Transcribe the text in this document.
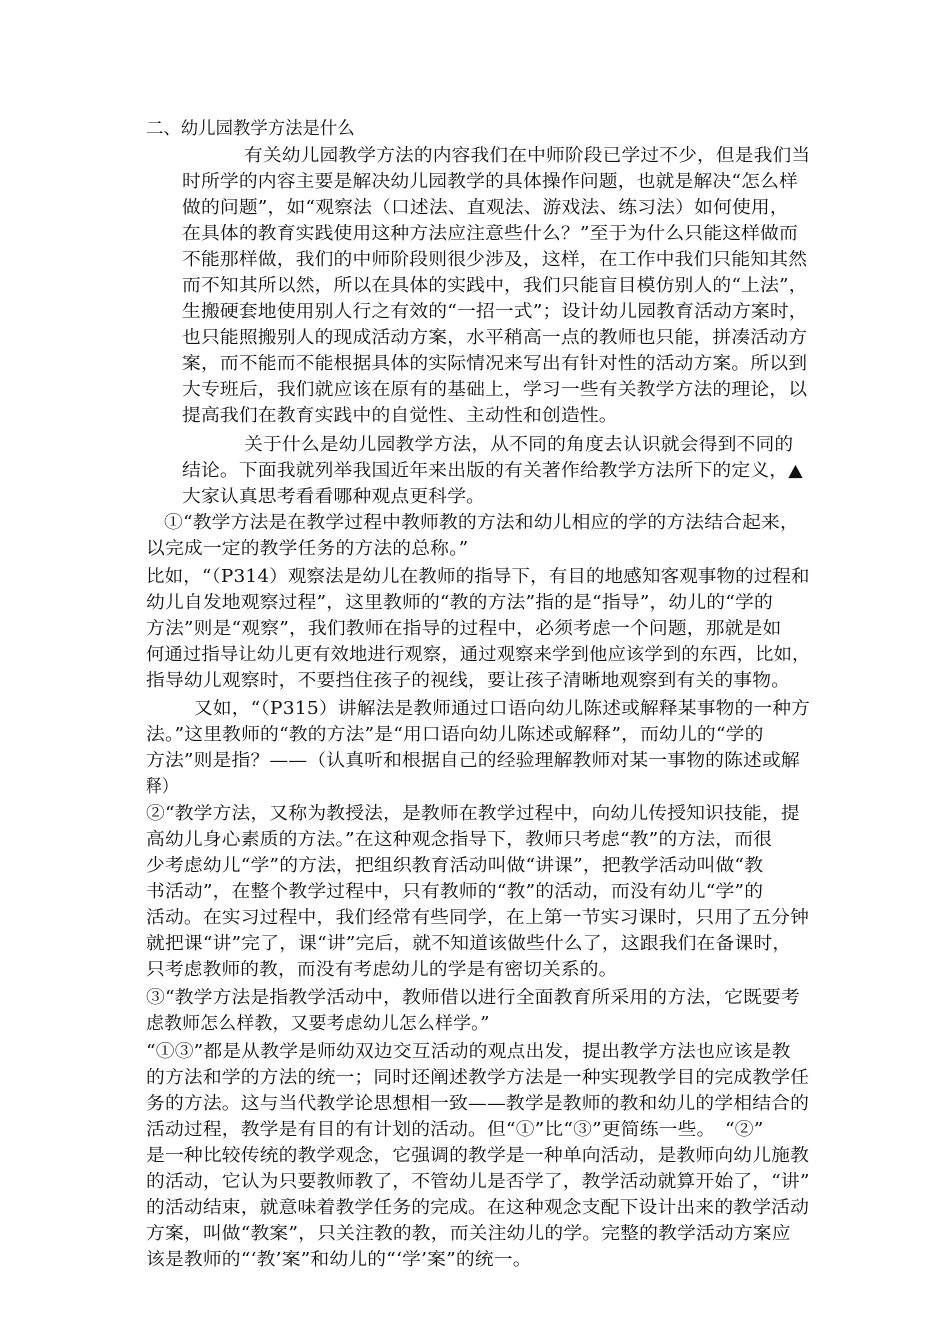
二、幼儿园教学方法是什么
有关幼儿园教学方法的内容我们在中师阶段已学过不少，但是我们当
时所学的内容主要是解决幼儿园教学的具体操作问题，也就是解决“怎么样
做的问题”，如“观察法（口述法、直观法、游戏法、练习法）如何使用，
在具体的教育实践使用这种方法应注意些什么？”至于为什么只能这样做而
不能那样做，我们的中师阶段则很少涉及，这样，在工作中我们只能知其然
而不知其所以然，所以在具体的实践中，我们只能盲目模仿别人的“上法”，
生搬硬套地使用别人行之有效的“一招一式”；设计幼儿园教育活动方案时，
也只能照搬别人的现成活动方案，水平稍高一点的教师也只能，拼凑活动方
案，而不能而不能根据具体的实际情况来写出有针对性的活动方案。所以到
大专班后，我们就应该在原有的基础上，学习一些有关教学方法的理论，以
提高我们在教育实践中的自觉性、主动性和创造性。
关于什么是幼儿园教学方法，从不同的角度去认识就会得到不同的
结论。下面我就列举我国近年来出版的有关著作给教学方法所下的定义，▲
大家认真思考看看哪种观点更科学。
①“教学方法是在教学过程中教师教的方法和幼儿相应的学的方法结合起来，
以完成一定的教学任务的方法的总称。”
比如，“（P314）观察法是幼儿在教师的指导下，有目的地感知客观事物的过程和
幼儿自发地观察过程”，这里教师的“教的方法”指的是“指导”，幼儿的“学的
方法”则是“观察”，我们教师在指导的过程中，必须考虑一个问题，那就是如
何通过指导让幼儿更有效地进行观察，通过观察来学到他应该学到的东西，比如，
指导幼儿观察时，不要挡住孩子的视线，要让孩子清晰地观察到有关的事物。
又如，“（P315）讲解法是教师通过口语向幼儿陈述或解释某事物的一种方
法。”这里教师的“教的方法”是“用口语向幼儿陈述或解释”，而幼儿的“学的
方法”则是指？——（认真听和根据自己的经验理解教师对某一事物的陈述或解
释）
②“教学方法，又称为教授法，是教师在教学过程中，向幼儿传授知识技能，提
高幼儿身心素质的方法。”在这种观念指导下，教师只考虑“教”的方法，而很
少考虑幼儿“学”的方法，把组织教育活动叫做“讲课”，把教学活动叫做“教
书活动”，在整个教学过程中，只有教师的“教”的活动，而没有幼儿“学”的
活动。在实习过程中，我们经常有些同学，在上第一节实习课时，只用了五分钟
就把课“讲”完了，课“讲”完后，就不知道该做些什么了，这跟我们在备课时，
只考虑教师的教，而没有考虑幼儿的学是有密切关系的。
③“教学方法是指教学活动中，教师借以进行全面教育所采用的方法，它既要考
虑教师怎么样教，又要考虑幼儿怎么样学。”
“①③”都是从教学是师幼双边交互活动的观点出发，提出教学方法也应该是教
的方法和学的方法的统一；同时还阐述教学方法是一种实现教学目的完成教学任
务的方法。这与当代教学论思想相一致——教学是教师的教和幼儿的学相结合的
活动过程，教学是有目的有计划的活动。但“①”比“③”更简练一些。　“②”
是一种比较传统的教学观念，它强调的教学是一种单向活动，是教师向幼儿施教
的活动，它认为只要教师教了，不管幼儿是否学了，教学活动就算开始了，“讲”
的活动结束，就意味着教学任务的完成。在这种观念支配下设计出来的教学活动
方案，叫做“教案”，只关注教的教，而关注幼儿的学。完整的教学活动方案应
该是教师的“‘教’案”和幼儿的“‘学’案”的统一。
